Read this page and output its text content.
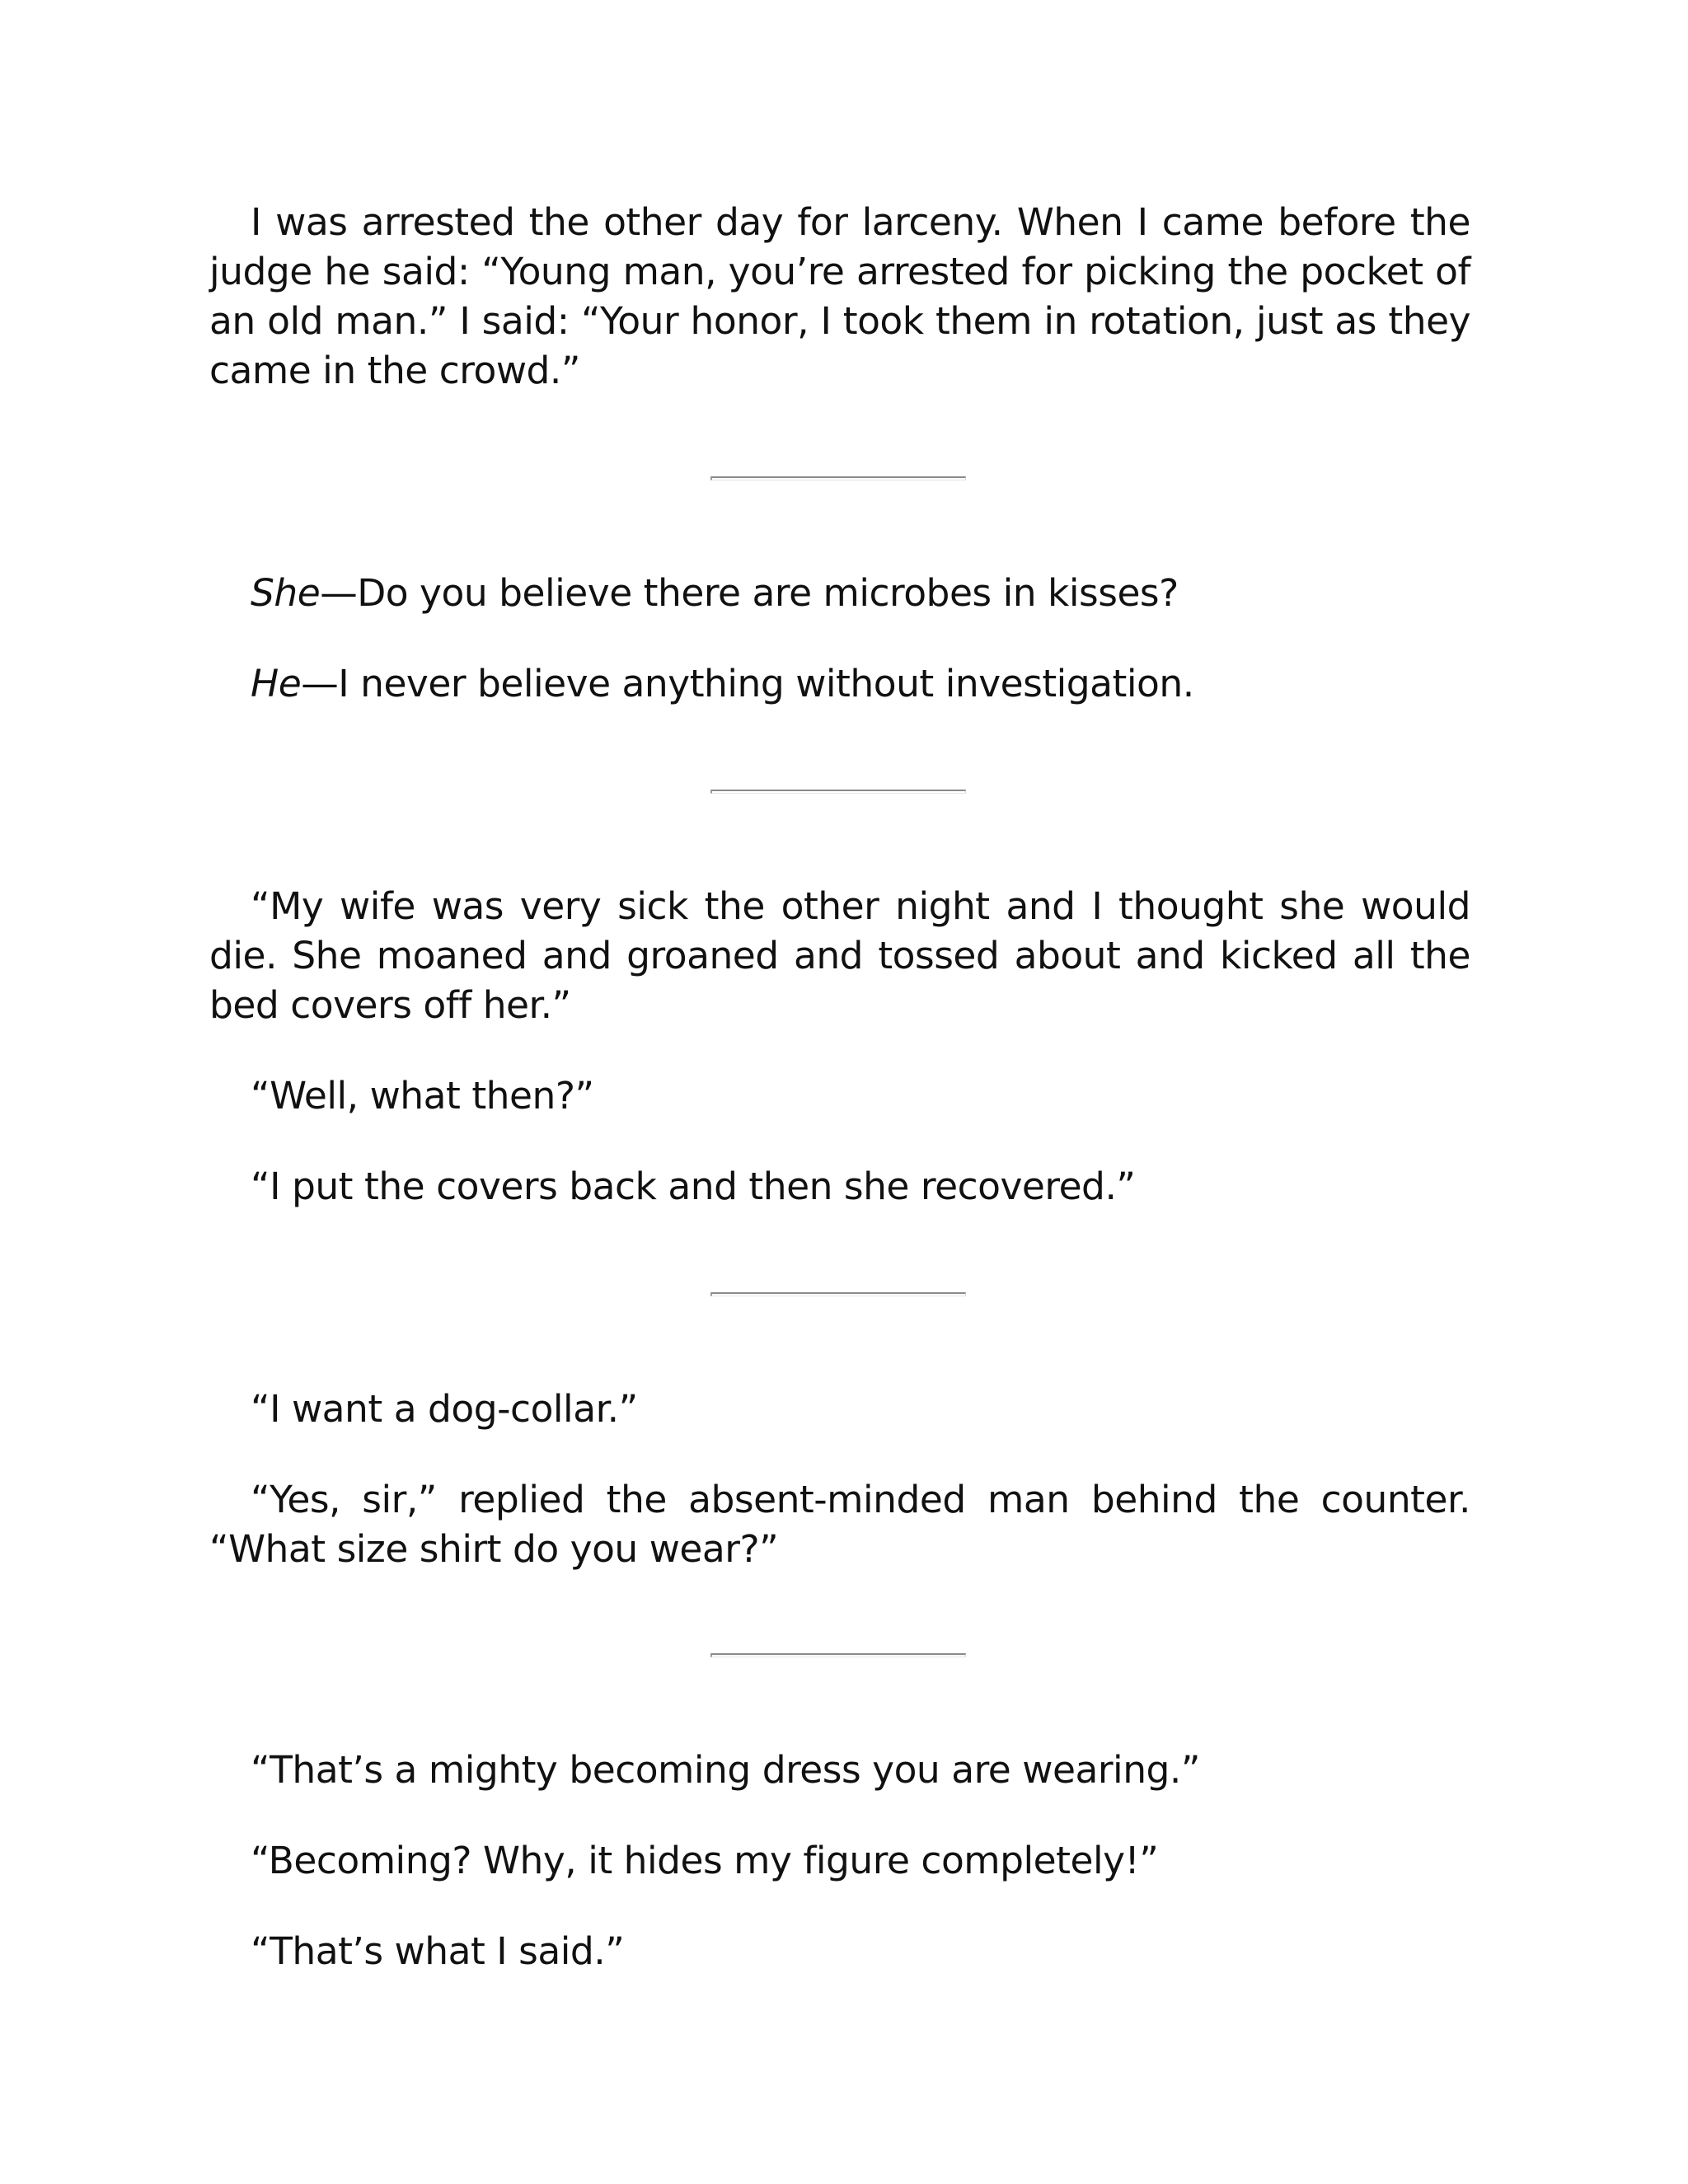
I was arrested the other day for larceny. When I came before the judge he said: “Young man, you’re arrested for picking the pocket of an old man.” I said: “Your honor, I took them in rotation, just as they came in the crowd.”

She—Do you believe there are microbes in kisses?

He—I never believe anything without investigation.

“My wife was very sick the other night and I thought she would die. She moaned and groaned and tossed about and kicked all the bed covers off her.”

“Well, what then?”

“I put the covers back and then she recovered.”

“I want a dog-collar.”

“Yes, sir,” replied the absent-minded man behind the counter. “What size shirt do you wear?”

“That’s a mighty becoming dress you are wearing.”

“Becoming? Why, it hides my figure completely!”

“That’s what I said.”
